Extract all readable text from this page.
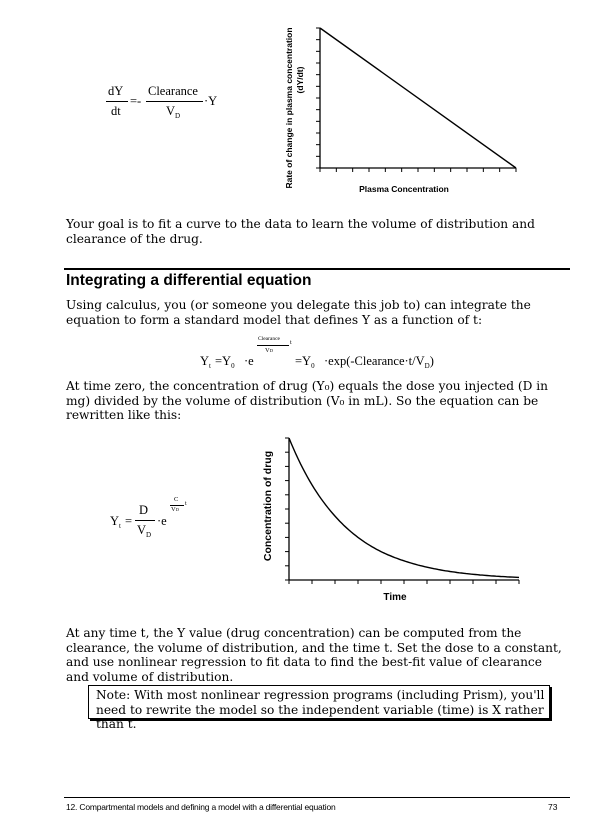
dY
dt
=-
Clearance
$V_D$
·Y
Plasma Concentration
Rate of change in plasma concentration (dY/dt)

Your goal is to fit a curve to the data to learn the volume of distribution and clearance of the drug.

Integrating a differential equation

Using calculus, you (or someone you delegate this job to) can integrate the equation to form a standard model that defines Y as a function of t:

$Y_t =Y_0 \cdot e$
Clearance
VD
t
$=Y_0$ $\cdot\exp(-Clearance\cdot t/V_D)$

At time zero, the concentration of drug (Y₀) equals the dose you injected (D in mg) divided by the volume of distribution (V₀ in mL). So the equation can be rewritten like this:

$Y_t$ =
D
$V_D$
·e
C
VD
t
Time
Concentration of drug

At any time t, the Y value (drug concentration) can be computed from the clearance, the volume of distribution, and the time t. Set the dose to a constant, and use nonlinear regression to fit data to find the best-fit value of clearance and volume of distribution.

Note: With most nonlinear regression programs (including Prism), you'll need to rewrite the model so the independent variable (time) is X rather than t.

12. Compartmental models and defining a model with a differential equation	73
